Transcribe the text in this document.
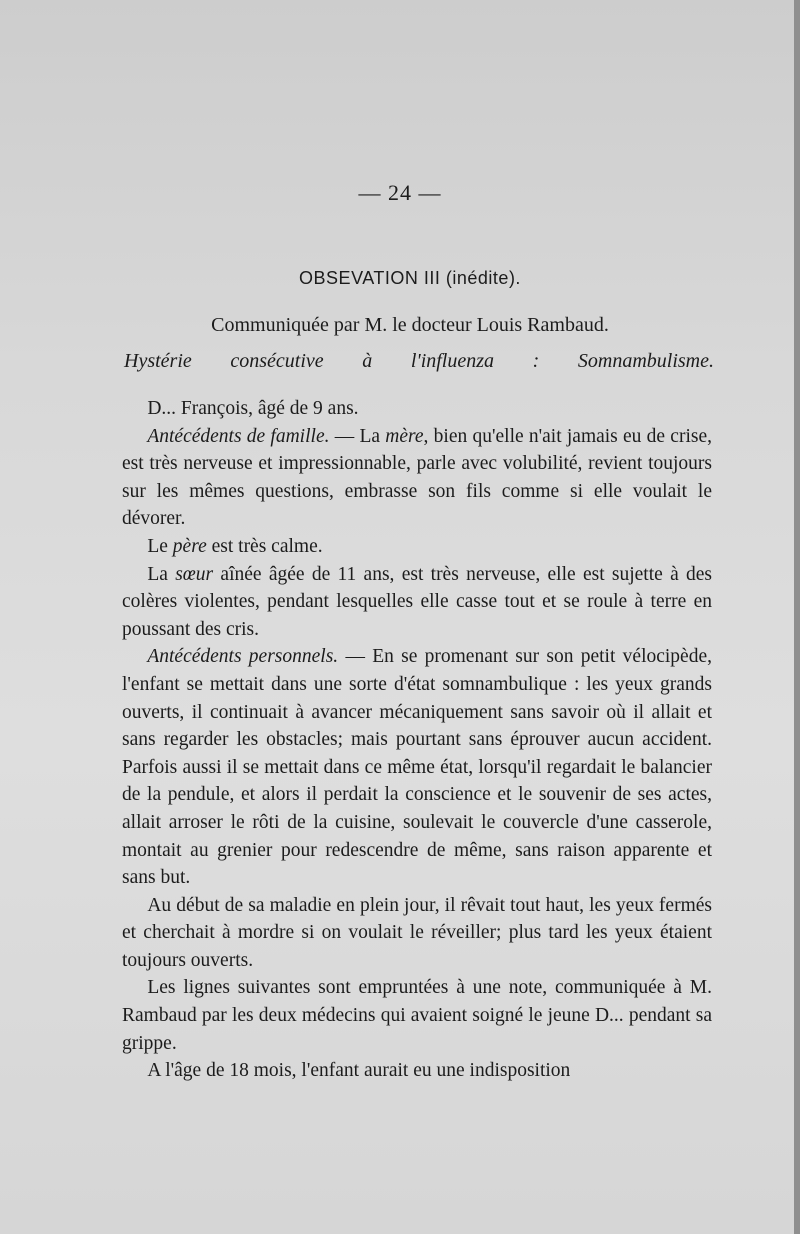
— 24 —
OBSEVATION III (inédite).
Communiquée par M. le docteur Louis Rambaud.
Hystérie consécutive à l'influenza : Somnambulisme.

D... François, âgé de 9 ans.

Antécédents de famille. — La mère, bien qu'elle n'ait jamais eu de crise, est très nerveuse et impressionnable, parle avec volubilité, revient toujours sur les mêmes questions, embrasse son fils comme si elle voulait le dévorer.

Le père est très calme.

La sœur aînée âgée de 11 ans, est très nerveuse, elle est sujette à des colères violentes, pendant lesquelles elle casse tout et se roule à terre en poussant des cris.

Antécédents personnels. — En se promenant sur son petit vélocipède, l'enfant se mettait dans une sorte d'état somnambulique : les yeux grands ouverts, il continuait à avancer mécaniquement sans savoir où il allait et sans regarder les obstacles; mais pourtant sans éprouver aucun accident. Parfois aussi il se mettait dans ce même état, lorsqu'il regardait le balancier de la pendule, et alors il perdait la conscience et le souvenir de ses actes, allait arroser le rôti de la cuisine, soulevait le couvercle d'une casserole, montait au grenier pour redescendre de même, sans raison apparente et sans but.

Au début de sa maladie en plein jour, il rêvait tout haut, les yeux fermés et cherchait à mordre si on voulait le réveiller; plus tard les yeux étaient toujours ouverts.

Les lignes suivantes sont empruntées à une note, communiquée à M. Rambaud par les deux médecins qui avaient soigné le jeune D... pendant sa grippe.

A l'âge de 18 mois, l'enfant aurait eu une indisposition
